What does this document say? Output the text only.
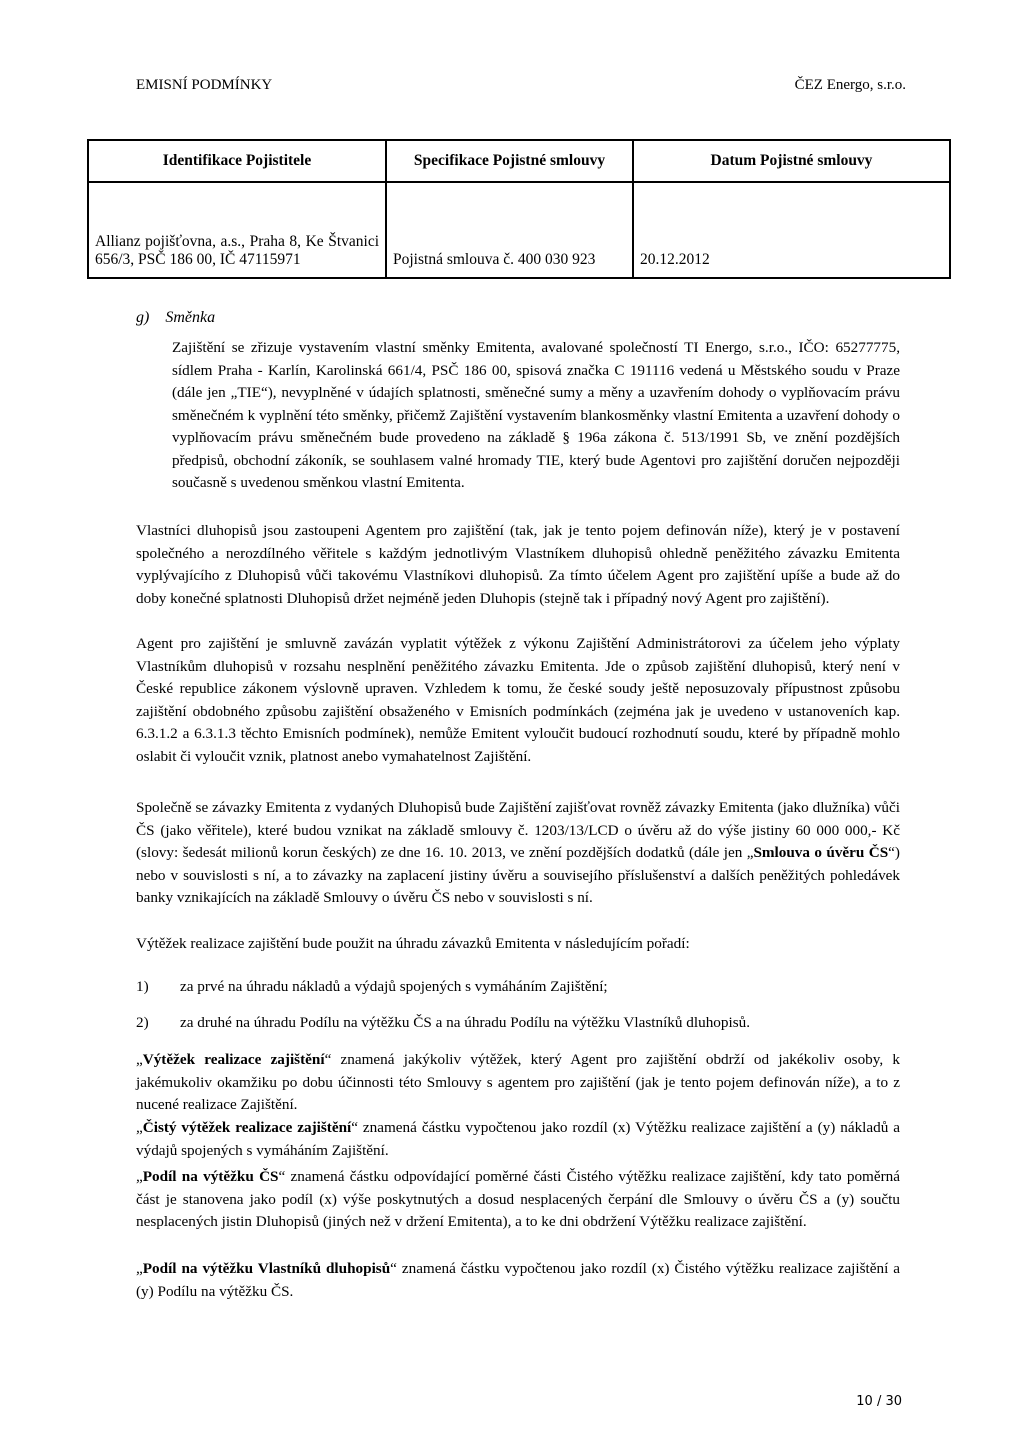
EMISNÍ PODMÍNKY	ČEZ Energo, s.r.o.
Identifikace Pojistitele	Specifikace Pojistné smlouvy	Datum Pojistné smlouvy
Allianz pojišťovna, a.s., Praha 8, Ke Štvanici 656/3, PSČ 186 00, IČ 47115971	Pojistná smlouva č. 400 030 923	20.12.2012
g) Směnka
Zajištění se zřizuje vystavením vlastní směnky Emitenta, avalované společností TI Energo, s.r.o., IČO: 65277775, sídlem Praha - Karlín, Karolinská 661/4, PSČ 186 00, spisová značka C 191116 vedená u Městského soudu v Praze (dále jen „TIE“), nevyplněné v údajích splatnosti, směnečné sumy a měny a uzavřením dohody o vyplňovacím právu směnečném k vyplnění této směnky, přičemž Zajištění vystavením blankosměnky vlastní Emitenta a uzavření dohody o vyplňovacím právu směnečném bude provedeno na základě § 196a zákona č. 513/1991 Sb, ve znění pozdějších předpisů, obchodní zákoník, se souhlasem valné hromady TIE, který bude Agentovi pro zajištění doručen nejpozději současně s uvedenou směnkou vlastní Emitenta.
Vlastníci dluhopisů jsou zastoupeni Agentem pro zajištění (tak, jak je tento pojem definován níže), který je v postavení společného a nerozdílného věřitele s každým jednotlivým Vlastníkem dluhopisů ohledně peněžitého závazku Emitenta vyplývajícího z Dluhopisů vůči takovému Vlastníkovi dluhopisů. Za tímto účelem Agent pro zajištění upíše a bude až do doby konečné splatnosti Dluhopisů držet nejméně jeden Dluhopis (stejně tak i případný nový Agent pro zajištění).
Agent pro zajištění je smluvně zavázán vyplatit výtěžek z výkonu Zajištění Administrátorovi za účelem jeho výplaty Vlastníkům dluhopisů v rozsahu nesplnění peněžitého závazku Emitenta. Jde o způsob zajištění dluhopisů, který není v České republice zákonem výslovně upraven. Vzhledem k tomu, že české soudy ještě neposuzovaly přípustnost způsobu zajištění obdobného způsobu zajištění obsaženého v Emisních podmínkách (zejména jak je uvedeno v ustanoveních kap. 6.3.1.2 a 6.3.1.3 těchto Emisních podmínek), nemůže Emitent vyloučit budoucí rozhodnutí soudu, které by případně mohlo oslabit či vyloučit vznik, platnost anebo vymahatelnost Zajištění.
Společně se závazky Emitenta z vydaných Dluhopisů bude Zajištění zajišťovat rovněž závazky Emitenta (jako dlužníka) vůči ČS (jako věřitele), které budou vznikat na základě smlouvy č. 1203/13/LCD o úvěru až do výše jistiny 60 000 000,- Kč (slovy: šedesát milionů korun českých) ze dne 16. 10. 2013, ve znění pozdějších dodatků (dále jen „Smlouva o úvěru ČS“) nebo v souvislosti s ní, a to závazky na zaplacení jistiny úvěru a souvisejího příslušenství a dalších peněžitých pohledávek banky vznikajících na základě Smlouvy o úvěru ČS nebo v souvislosti s ní.
Výtěžek realizace zajištění bude použit na úhradu závazků Emitenta v následujícím pořadí:
1) za prvé na úhradu nákladů a výdajů spojených s vymáháním Zajištění;
2) za druhé na úhradu Podílu na výtěžku ČS a na úhradu Podílu na výtěžku Vlastníků dluhopisů.
„Výtěžek realizace zajištění“ znamená jakýkoliv výtěžek, který Agent pro zajištění obdrží od jakékoliv osoby, k jakémukoliv okamžiku po dobu účinnosti této Smlouvy s agentem pro zajištění (jak je tento pojem definován níže), a to z nucené realizace Zajištění.
„Čistý výtěžek realizace zajištění“ znamená částku vypočtenou jako rozdíl (x) Výtěžku realizace zajištění a (y) nákladů a výdajů spojených s vymáháním Zajištění.
„Podíl na výtěžku ČS“ znamená částku odpovídající poměrné části Čistého výtěžku realizace zajištění, kdy tato poměrná část je stanovena jako podíl (x) výše poskytnutých a dosud nesplacených čerpání dle Smlouvy o úvěru ČS a (y) součtu nesplacených jistin Dluhopisů (jiných než v držení Emitenta), a to ke dni obdržení Výtěžku realizace zajištění.
„Podíl na výtěžku Vlastníků dluhopisů“ znamená částku vypočtenou jako rozdíl (x) Čistého výtěžku realizace zajištění a (y) Podílu na výtěžku ČS.
10 / 30
